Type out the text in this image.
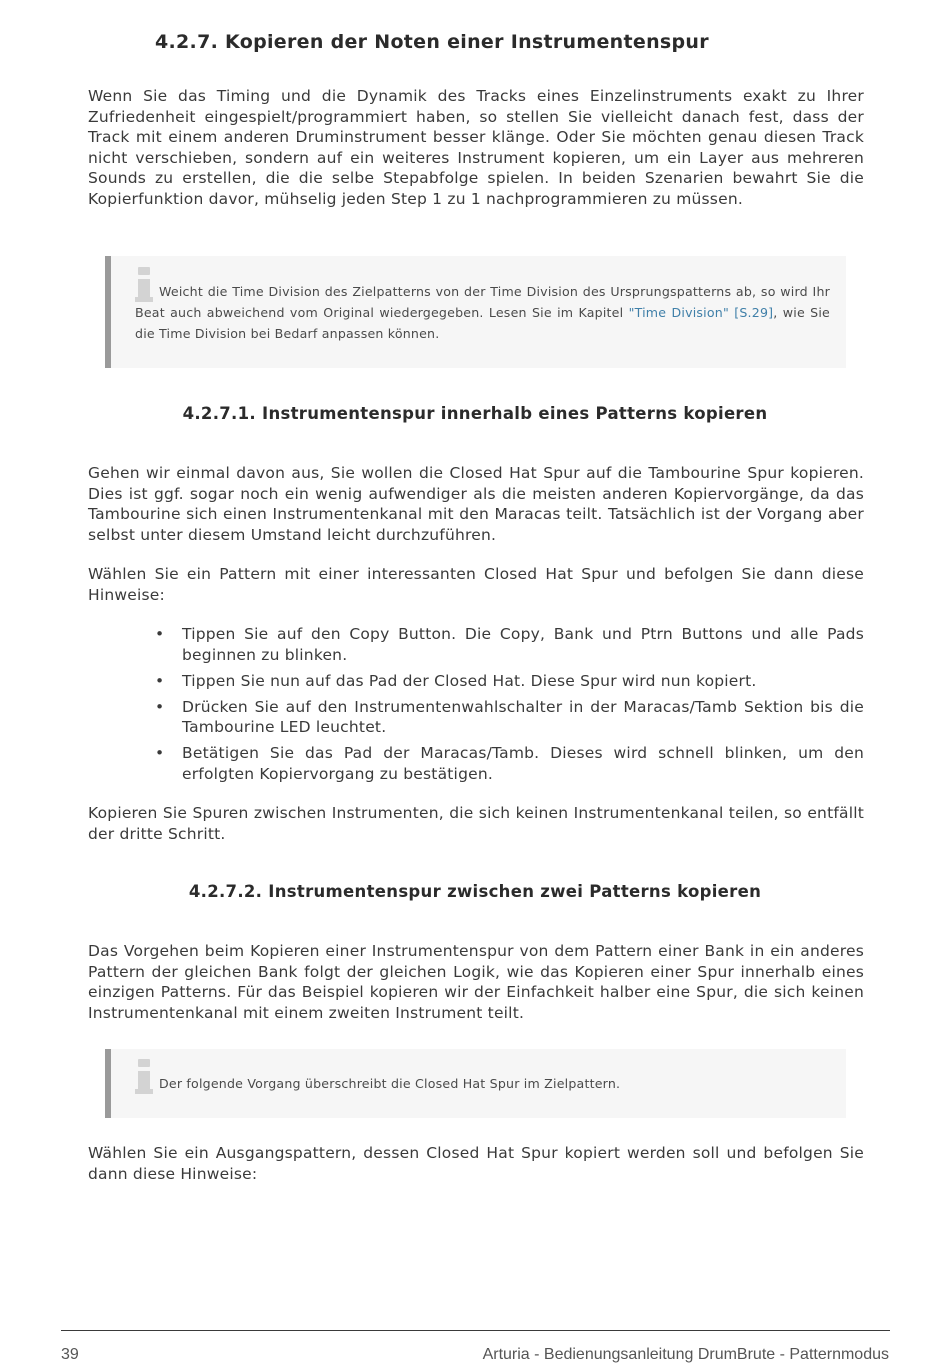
4.2.7. Kopieren der Noten einer Instrumentenspur

Wenn Sie das Timing und die Dynamik des Tracks eines Einzelinstruments exakt zu Ihrer Zufriedenheit eingespielt/programmiert haben, so stellen Sie vielleicht danach fest, dass der Track mit einem anderen Druminstrument besser klänge. Oder Sie möchten genau diesen Track nicht verschieben, sondern auf ein weiteres Instrument kopieren, um ein Layer aus mehreren Sounds zu erstellen, die die selbe Stepabfolge spielen. In beiden Szenarien bewahrt Sie die Kopierfunktion davor, mühselig jeden Step 1 zu 1 nachprogrammieren zu müssen.

Weicht die Time Division des Zielpatterns von der Time Division des Ursprungspatterns ab, so wird Ihr Beat auch abweichend vom Original wiedergegeben. Lesen Sie im Kapitel "Time Division" [S.29], wie Sie die Time Division bei Bedarf anpassen können.
4.2.7.1. Instrumentenspur innerhalb eines Patterns kopieren

Gehen wir einmal davon aus, Sie wollen die Closed Hat Spur auf die Tambourine Spur kopieren. Dies ist ggf. sogar noch ein wenig aufwendiger als die meisten anderen Kopiervorgänge, da das Tambourine sich einen Instrumentenkanal mit den Maracas teilt. Tatsächlich ist der Vorgang aber selbst unter diesem Umstand leicht durchzuführen.

Wählen Sie ein Pattern mit einer interessanten Closed Hat Spur und befolgen Sie dann diese Hinweise:

• Tippen Sie auf den Copy Button. Die Copy, Bank und Ptrn Buttons und alle Pads beginnen zu blinken.
• Tippen Sie nun auf das Pad der Closed Hat. Diese Spur wird nun kopiert.
• Drücken Sie auf den Instrumentenwahlschalter in der Maracas/Tamb Sektion bis die Tambourine LED leuchtet.
• Betätigen Sie das Pad der Maracas/Tamb. Dieses wird schnell blinken, um den erfolgten Kopiervorgang zu bestätigen.

Kopieren Sie Spuren zwischen Instrumenten, die sich keinen Instrumentenkanal teilen, so entfällt der dritte Schritt.

4.2.7.2. Instrumentenspur zwischen zwei Patterns kopieren

Das Vorgehen beim Kopieren einer Instrumentenspur von dem Pattern einer Bank in ein anderes Pattern der gleichen Bank folgt der gleichen Logik, wie das Kopieren einer Spur innerhalb eines einzigen Patterns. Für das Beispiel kopieren wir der Einfachkeit halber eine Spur, die sich keinen Instrumentenkanal mit einem zweiten Instrument teilt.

Der folgende Vorgang überschreibt die Closed Hat Spur im Zielpattern.

Wählen Sie ein Ausgangspattern, dessen Closed Hat Spur kopiert werden soll und befolgen Sie dann diese Hinweise:

39	Arturia - Bedienungsanleitung DrumBrute - Patternmodus
